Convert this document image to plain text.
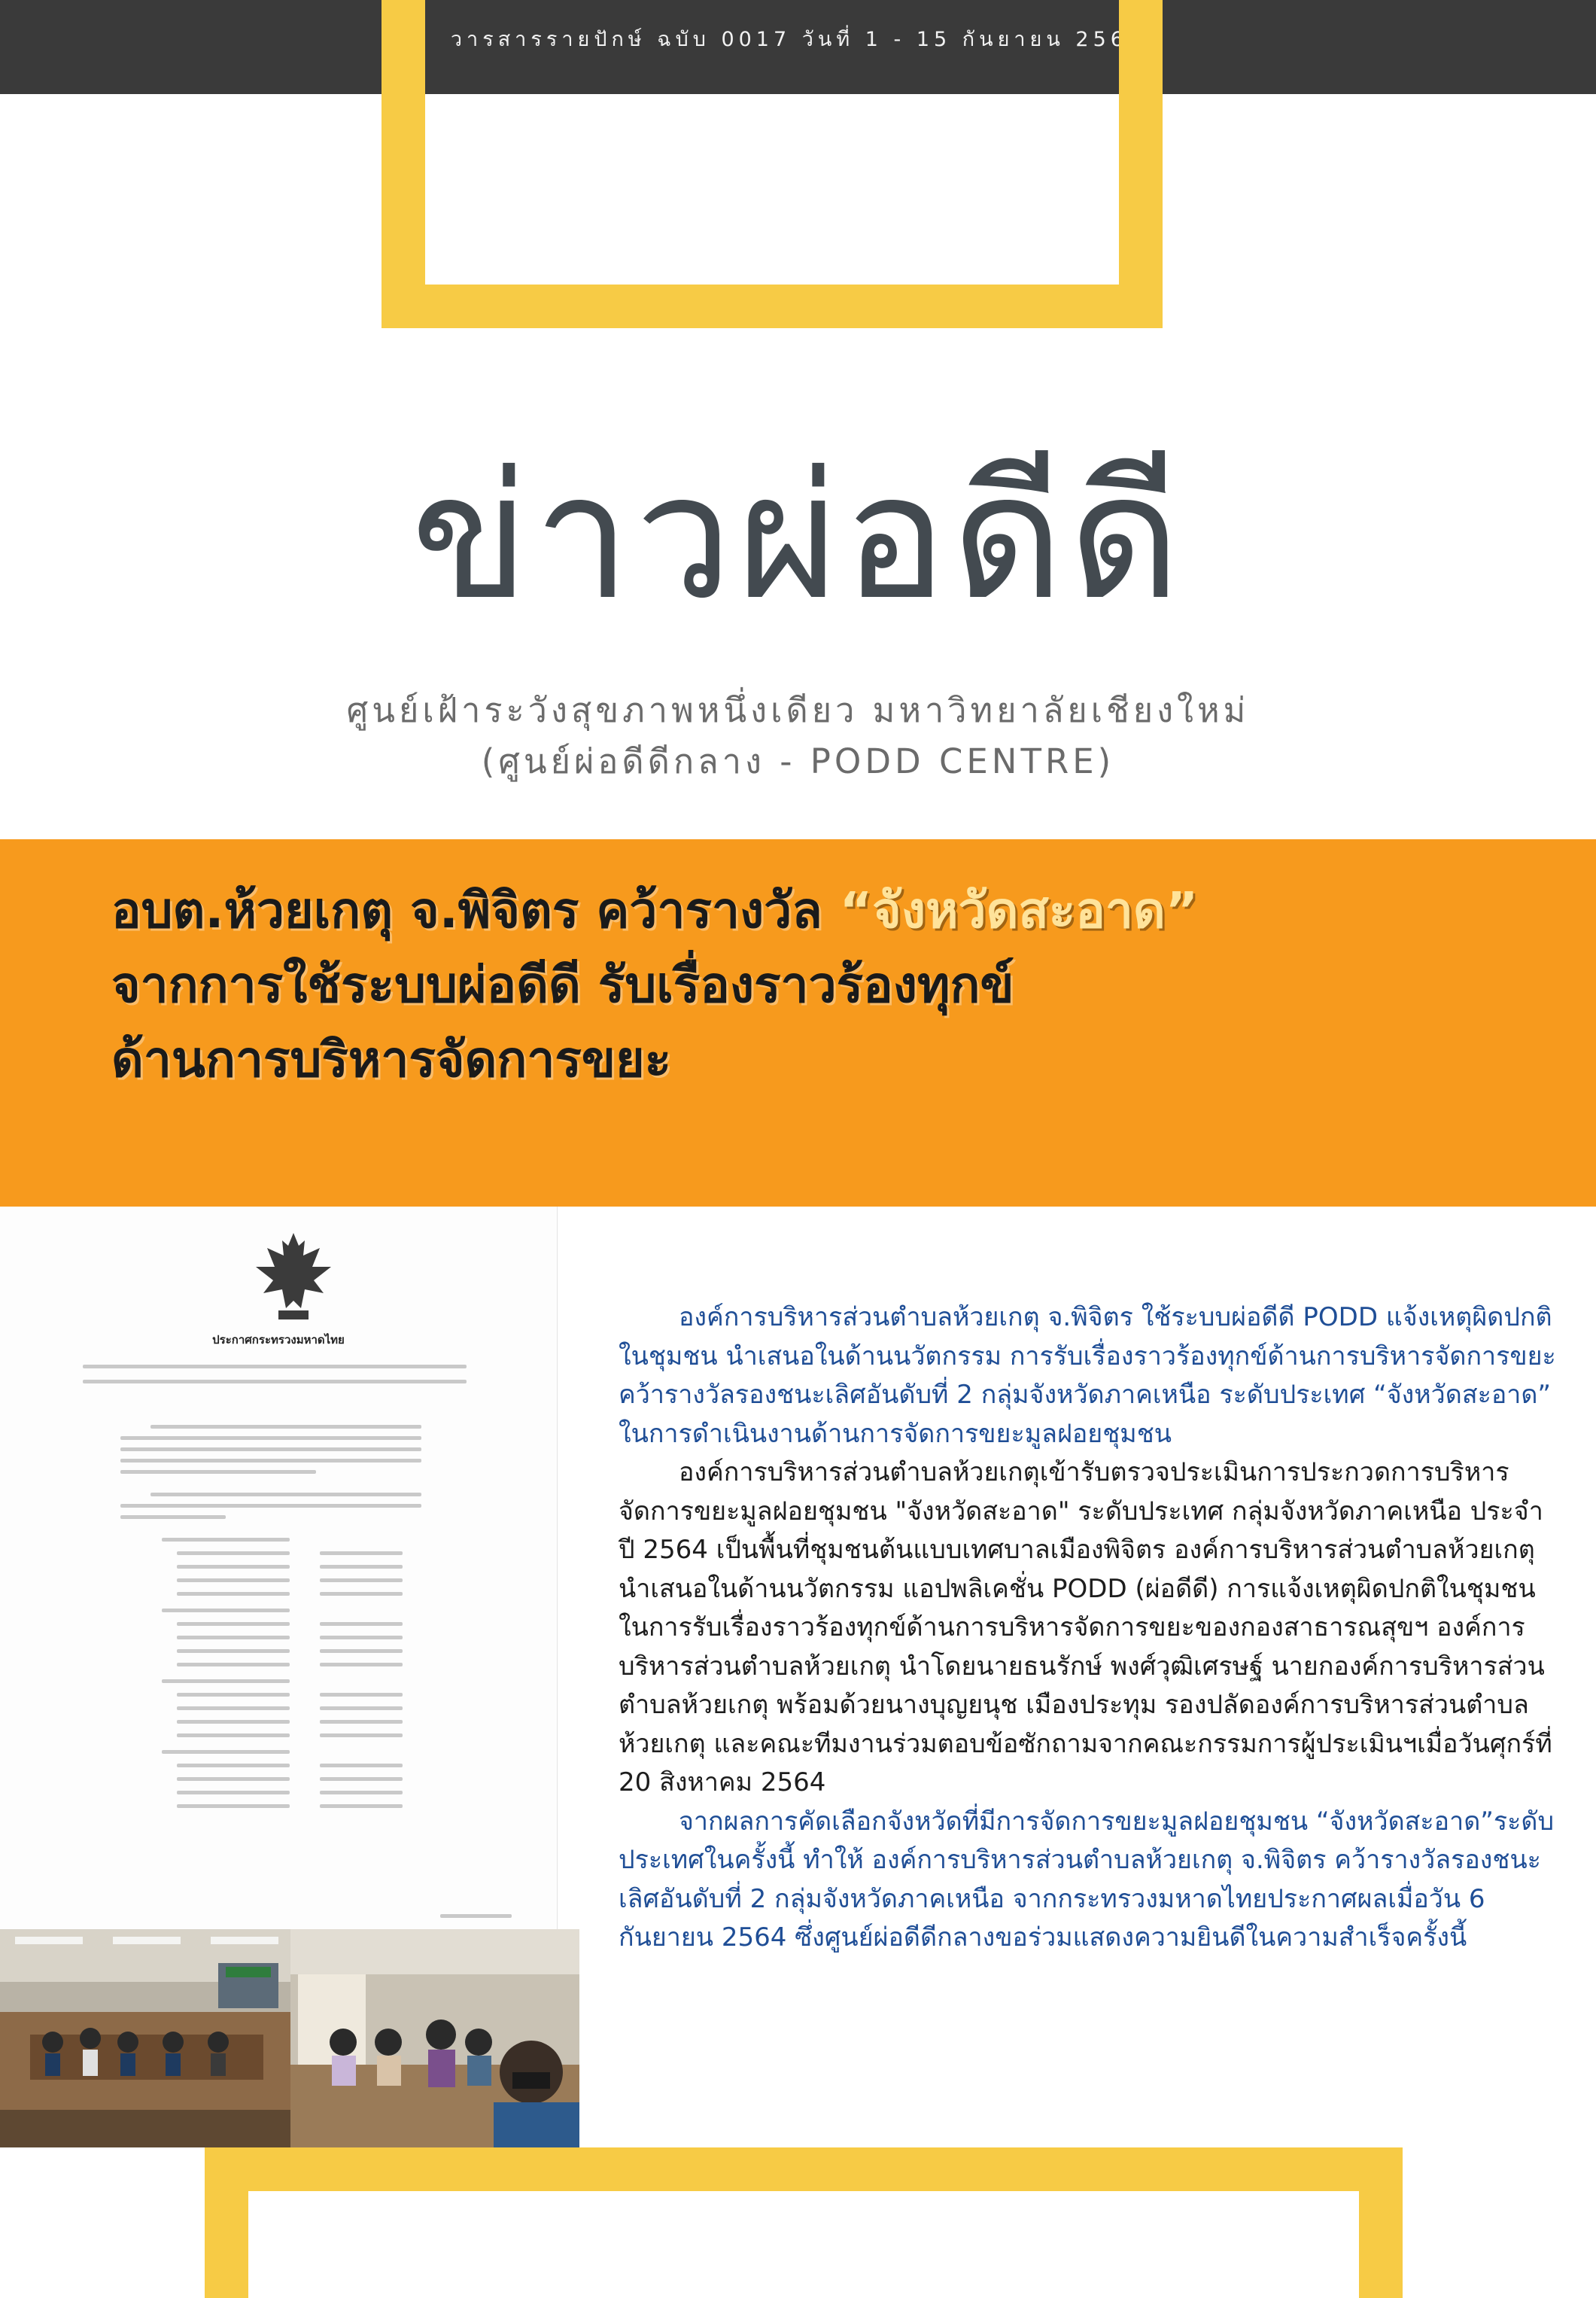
วารสารรายปักษ์ ฉบับ 0017 วันที่ 1 - 15 กันยายน 2564
ข่าวผ่อดีดี
ศูนย์เฝ้าระวังสุขภาพหนึ่งเดียว มหาวิทยาลัยเชียงใหม่
(ศูนย์ผ่อดีดีกลาง - PODD CENTRE)
อบต.ห้วยเกตุ จ.พิจิตร คว้ารางวัล “จังหวัดสะอาด”
จากการใช้ระบบผ่อดีดี รับเรื่องราวร้องทุกข์
ด้านการบริหารจัดการขยะ
ประกาศกระทรวงมหาดไทย

องค์การบริหารส่วนตำบลห้วยเกตุ จ.พิจิตร ใช้ระบบผ่อดีดี PODD แจ้งเหตุผิดปกติในชุมชน นำเสนอในด้านนวัตกรรม การรับเรื่องราวร้องทุกข์ด้านการบริหารจัดการขยะ คว้ารางวัลรองชนะเลิศอันดับที่ 2 กลุ่มจังหวัดภาคเหนือ ระดับประเทศ “จังหวัดสะอาด” ในการดำเนินงานด้านการจัดการขยะมูลฝอยชุมชน

องค์การบริหารส่วนตำบลห้วยเกตุเข้ารับตรวจประเมินการประกวดการบริหารจัดการขยะมูลฝอยชุมชน "จังหวัดสะอาด" ระดับประเทศ กลุ่มจังหวัดภาคเหนือ ประจำปี 2564 เป็นพื้นที่ชุมชนต้นแบบเทศบาลเมืองพิจิตร องค์การบริหารส่วนตำบลห้วยเกตุ นำเสนอในด้านนวัตกรรม แอปพลิเคชั่น PODD (ผ่อดีดี) การแจ้งเหตุผิดปกติในชุมชน ในการรับเรื่องราวร้องทุกข์ด้านการบริหารจัดการขยะของกองสาธารณสุขฯ องค์การบริหารส่วนตำบลห้วยเกตุ นำโดยนายธนรักษ์ พงศ์วุฒิเศรษฐ์ นายกองค์การบริหารส่วนตำบลห้วยเกตุ พร้อมด้วยนางบุญยนุช เมืองประทุม รองปลัดองค์การบริหารส่วนตำบลห้วยเกตุ และคณะทีมงานร่วมตอบข้อซักถามจากคณะกรรมการผู้ประเมินฯเมื่อวันศุกร์ที่ 20 สิงหาคม 2564

จากผลการคัดเลือกจังหวัดที่มีการจัดการขยะมูลฝอยชุมชน “จังหวัดสะอาด”ระดับประเทศในครั้งนี้ ทำให้ องค์การบริหารส่วนตำบลห้วยเกตุ จ.พิจิตร คว้ารางวัลรองชนะเลิศอันดับที่ 2 กลุ่มจังหวัดภาคเหนือ จากกระทรวงมหาดไทยประกาศผลเมื่อวัน 6 กันยายน 2564 ซึ่งศูนย์ผ่อดีดีกลางขอร่วมแสดงความยินดีในความสำเร็จครั้งนี้
